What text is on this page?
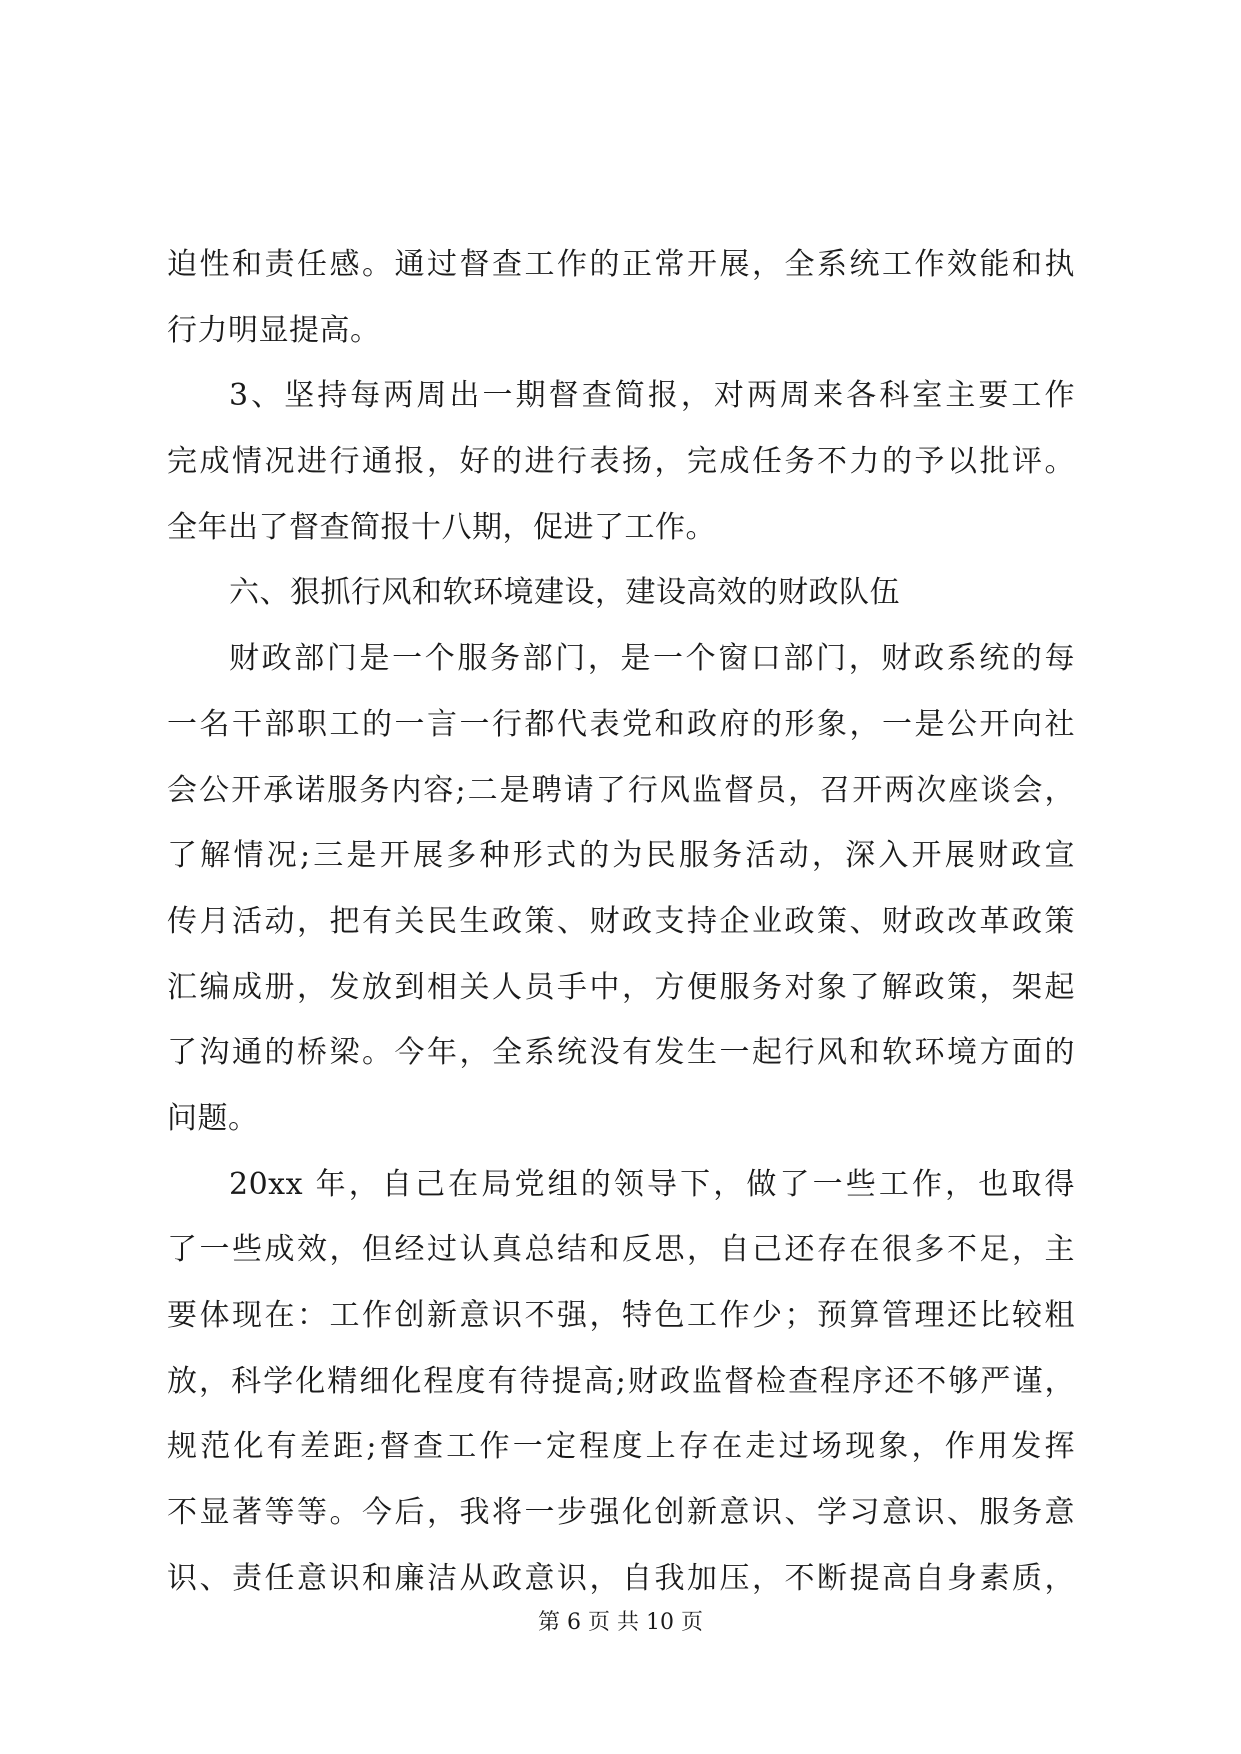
迫性和责任感。通过督查工作的正常开展，全系统工作效能和执
行力明显提高。
3、坚持每两周出一期督查简报，对两周来各科室主要工作
完成情况进行通报，好的进行表扬，完成任务不力的予以批评。
全年出了督查简报十八期，促进了工作。
六、狠抓行风和软环境建设，建设高效的财政队伍
财政部门是一个服务部门，是一个窗口部门，财政系统的每
一名干部职工的一言一行都代表党和政府的形象，一是公开向社
会公开承诺服务内容;二是聘请了行风监督员，召开两次座谈会，
了解情况;三是开展多种形式的为民服务活动，深入开展财政宣
传月活动，把有关民生政策、财政支持企业政策、财政改革政策
汇编成册，发放到相关人员手中，方便服务对象了解政策，架起
了沟通的桥梁。今年，全系统没有发生一起行风和软环境方面的
问题。
20xx 年，自己在局党组的领导下，做了一些工作，也取得
了一些成效，但经过认真总结和反思，自己还存在很多不足，主
要体现在：工作创新意识不强，特色工作少；预算管理还比较粗
放，科学化精细化程度有待提高;财政监督检查程序还不够严谨，
规范化有差距;督查工作一定程度上存在走过场现象，作用发挥
不显著等等。今后，我将一步强化创新意识、学习意识、服务意
识、责任意识和廉洁从政意识，自我加压，不断提高自身素质，
第 6 页 共 10 页
